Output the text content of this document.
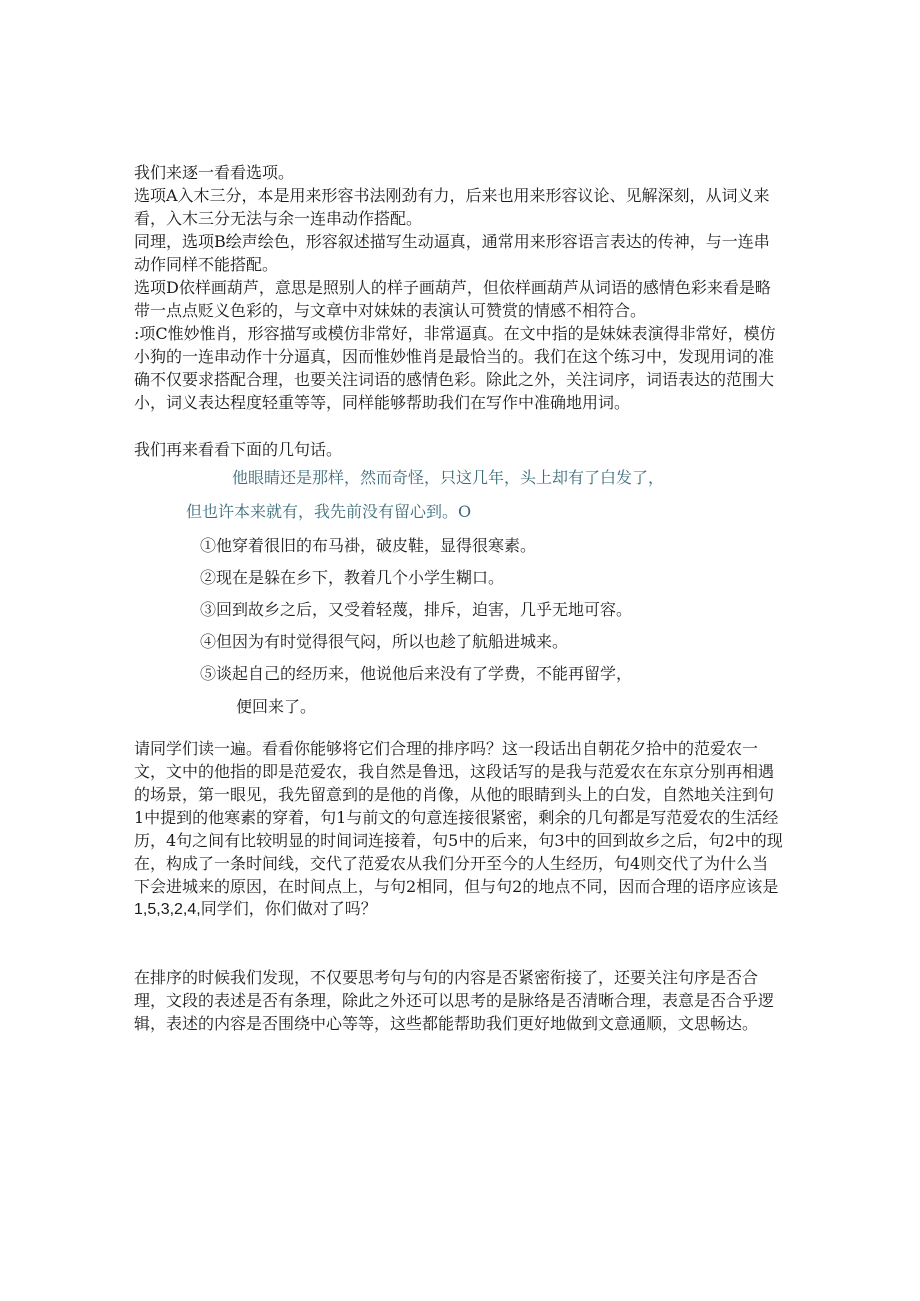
我们来逐一看看选项。

选项A入木三分，本是用来形容书法刚劲有力，后来也用来形容议论、见解深刻，从词义来看，入木三分无法与余一连串动作搭配。

同理，选项B绘声绘色，形容叙述描写生动逼真，通常用来形容语言表达的传神，与一连串动作同样不能搭配。

选项D依样画葫芦，意思是照别人的样子画葫芦，但依样画葫芦从词语的感情色彩来看是略带一点点贬义色彩的，与文章中对妹妹的表演认可赞赏的情感不相符合。

:项C惟妙惟肖，形容描写或模仿非常好，非常逼真。在文中指的是妹妹表演得非常好，模仿小狗的一连串动作十分逼真，因而惟妙惟肖是最恰当的。我们在这个练习中，发现用词的准确不仅要求搭配合理，也要关注词语的感情色彩。除此之外，关注词序，词语表达的范围大小，词义表达程度轻重等等，同样能够帮助我们在写作中准确地用词。

我们再来看看下面的几句话。

他眼睛还是那样，然而奇怪，只这几年，头上却有了白发了，

但也许本来就有，我先前没有留心到。O

①他穿着很旧的布马褂，破皮鞋，显得很寒素。

②现在是躲在乡下，教着几个小学生糊口。

③回到故乡之后，又受着轻蔑，排斥，迫害，几乎无地可容。

④但因为有时觉得很气闷，所以也趁了航船进城来。

⑤谈起自己的经历来，他说他后来没有了学费，不能再留学，

便回来了。

请同学们读一遍。看看你能够将它们合理的排序吗？这一段话出自朝花夕拾中的范爱农一文，文中的他指的即是范爱农，我自然是鲁迅，这段话写的是我与范爱农在东京分别再相遇的场景，第一眼见，我先留意到的是他的肖像，从他的眼睛到头上的白发，自然地关注到句1中提到的他寒素的穿着，句1与前文的句意连接很紧密，剩余的几句都是写范爱农的生活经历，4句之间有比较明显的时间词连接着，句5中的后来，句3中的回到故乡之后，句2中的现在，构成了一条时间线，交代了范爱农从我们分开至今的人生经历，句4则交代了为什么当下会进城来的原因，在时间点上，与句2相同，但与句2的地点不同，因而合理的语序应该是

1,5,3,2,4,同学们，你们做对了吗？

在排序的时候我们发现，不仅要思考句与句的内容是否紧密衔接了，还要关注句序是否合理，文段的表述是否有条理，除此之外还可以思考的是脉络是否清晰合理，表意是否合乎逻辑，表述的内容是否围绕中心等等，这些都能帮助我们更好地做到文意通顺，文思畅达。
